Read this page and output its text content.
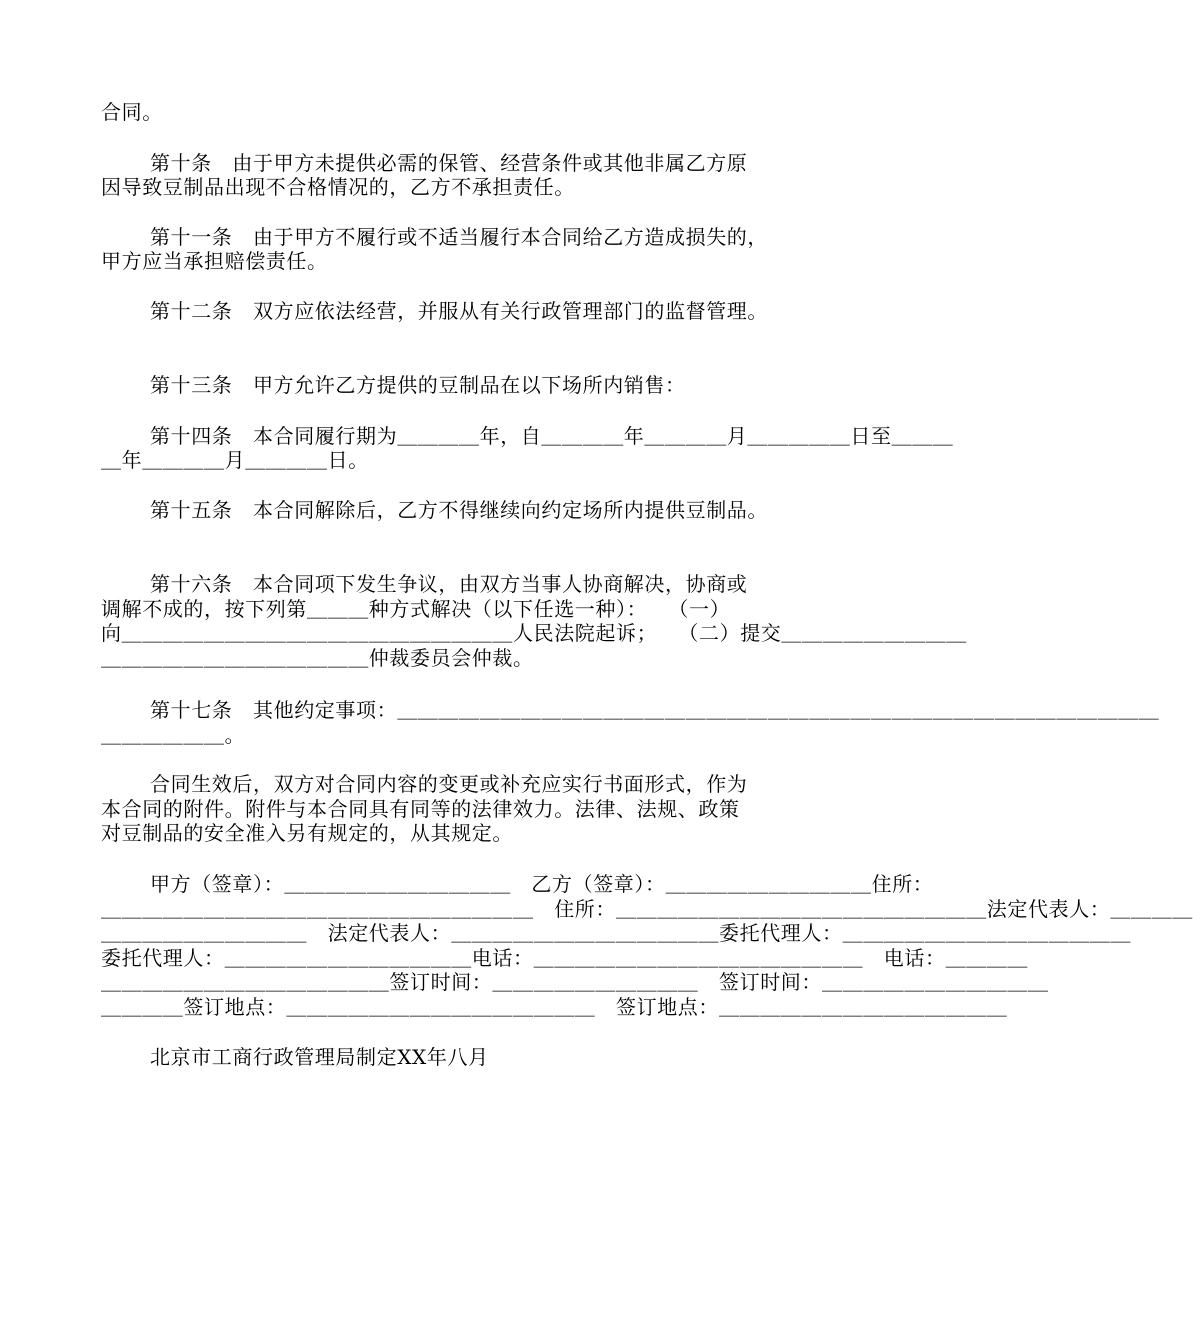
合同。
第十条　由于甲方未提供必需的保管、经营条件或其他非属乙方原
因导致豆制品出现不合格情况的，乙方不承担责任。
第十一条　由于甲方不履行或不适当履行本合同给乙方造成损失的，
甲方应当承担赔偿责任。
第十二条　双方应依法经营，并服从有关行政管理部门的监督管理。
第十三条　甲方允许乙方提供的豆制品在以下场所内销售：
第十四条　本合同履行期为＿＿＿＿年，自＿＿＿＿年＿＿＿＿月＿＿＿＿＿日至＿＿＿
＿年＿＿＿＿月＿＿＿＿日。
第十五条　本合同解除后，乙方不得继续向约定场所内提供豆制品。
第十六条　本合同项下发生争议，由双方当事人协商解决，协商或
调解不成的，按下列第＿＿＿种方式解决（以下任选一种）：　　（一）
向＿＿＿＿＿＿＿＿＿＿＿＿＿＿＿＿＿＿＿人民法院起诉；　　（二）提交＿＿＿＿＿＿＿＿＿
＿＿＿＿＿＿＿＿＿＿＿＿＿仲裁委员会仲裁。
第十七条　其他约定事项：＿＿＿＿＿＿＿＿＿＿＿＿＿＿＿＿＿＿＿＿＿＿＿＿＿＿＿＿＿＿＿＿＿＿＿＿＿
＿＿＿＿＿＿。
合同生效后，双方对合同内容的变更或补充应实行书面形式，作为
本合同的附件。附件与本合同具有同等的法律效力。法律、法规、政策
对豆制品的安全准入另有规定的，从其规定。
甲方（签章）：＿＿＿＿＿＿＿＿＿＿＿　乙方（签章）：＿＿＿＿＿＿＿＿＿＿住所：
＿＿＿＿＿＿＿＿＿＿＿＿＿＿＿＿＿＿＿＿＿　住所：＿＿＿＿＿＿＿＿＿＿＿＿＿＿＿＿＿＿法定代表人：＿＿＿＿
＿＿＿＿＿＿＿＿＿＿　法定代表人：＿＿＿＿＿＿＿＿＿＿＿＿＿委托代理人：＿＿＿＿＿＿＿＿＿＿＿＿＿＿
委托代理人：＿＿＿＿＿＿＿＿＿＿＿＿电话：＿＿＿＿＿＿＿＿＿＿＿＿＿＿＿＿　电话：＿＿＿＿
＿＿＿＿＿＿＿＿＿＿＿＿＿＿签订时间：＿＿＿＿＿＿＿＿＿＿　签订时间：＿＿＿＿＿＿＿＿＿＿＿
＿＿＿＿签订地点：＿＿＿＿＿＿＿＿＿＿＿＿＿＿＿　签订地点：＿＿＿＿＿＿＿＿＿＿＿＿＿＿
北京市工商行政管理局制定XX年八月
